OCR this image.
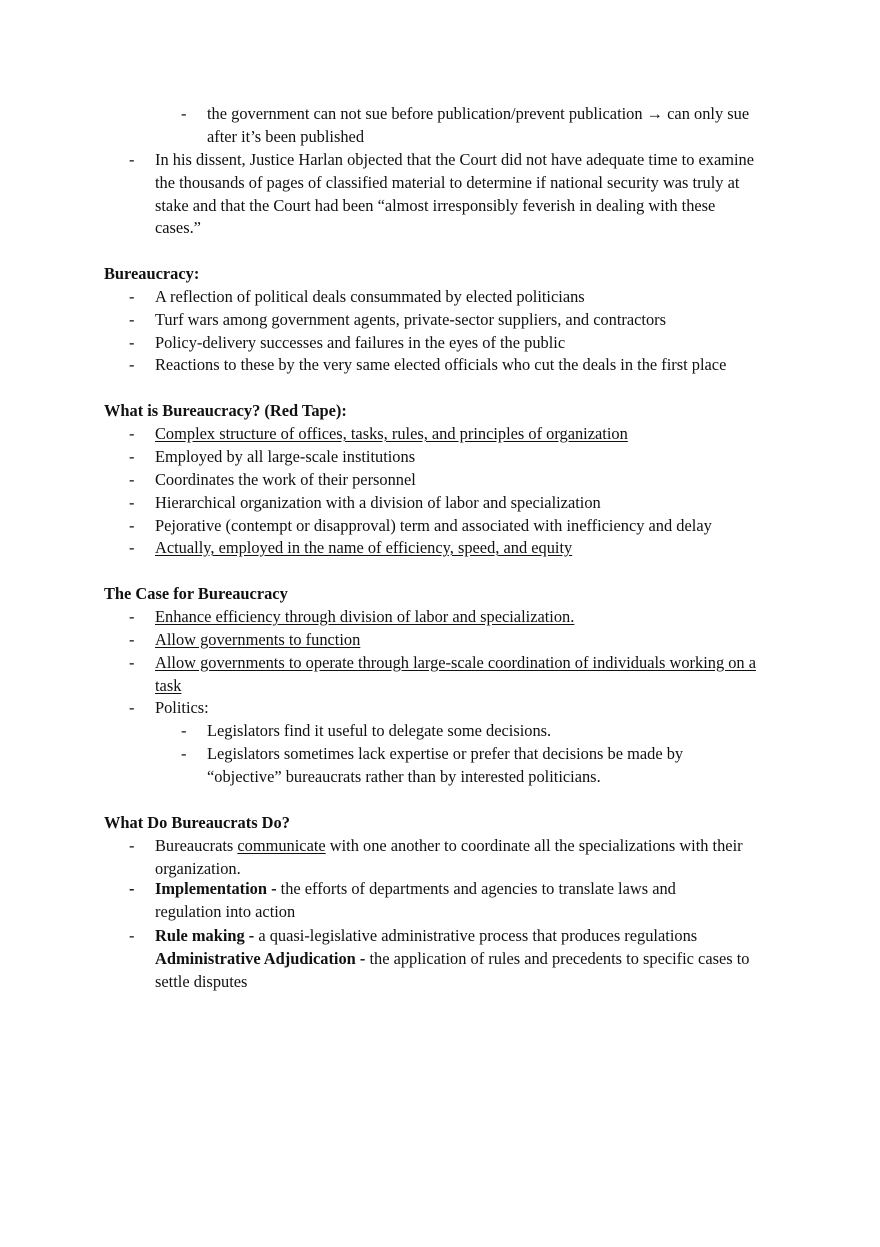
- the government can not sue before publication/prevent publication → can only sue after it’s been published
- In his dissent, Justice Harlan objected that the Court did not have adequate time to examine the thousands of pages of classified material to determine if national security was truly at stake and that the Court had been “almost irresponsibly feverish in dealing with these cases.”

Bureaucracy:

- A reflection of political deals consummated by elected politicians
- Turf wars among government agents, private-sector suppliers, and contractors
- Policy-delivery successes and failures in the eyes of the public
- Reactions to these by the very same elected officials who cut the deals in the first place

What is Bureaucracy? (Red Tape):

- Complex structure of offices, tasks, rules, and principles of organization
- Employed by all large-scale institutions
- Coordinates the work of their personnel
- Hierarchical organization with a division of labor and specialization
- Pejorative (contempt or disapproval) term and associated with inefficiency and delay
- Actually, employed in the name of efficiency, speed, and equity

The Case for Bureaucracy

- Enhance efficiency through division of labor and specialization.
- Allow governments to function
- Allow governments to operate through large-scale coordination of individuals working on a task
- Politics:
- Legislators find it useful to delegate some decisions.
- Legislators sometimes lack expertise or prefer that decisions be made by “objective” bureaucrats rather than by interested politicians.

What Do Bureaucrats Do?

- Bureaucrats communicate with one another to coordinate all the specializations with their organization.
- Implementation - the efforts of departments and agencies to translate laws and regulation into action
- Rule making - a quasi-legislative administrative process that produces regulations
Administrative Adjudication - the application of rules and precedents to specific cases to settle disputes
